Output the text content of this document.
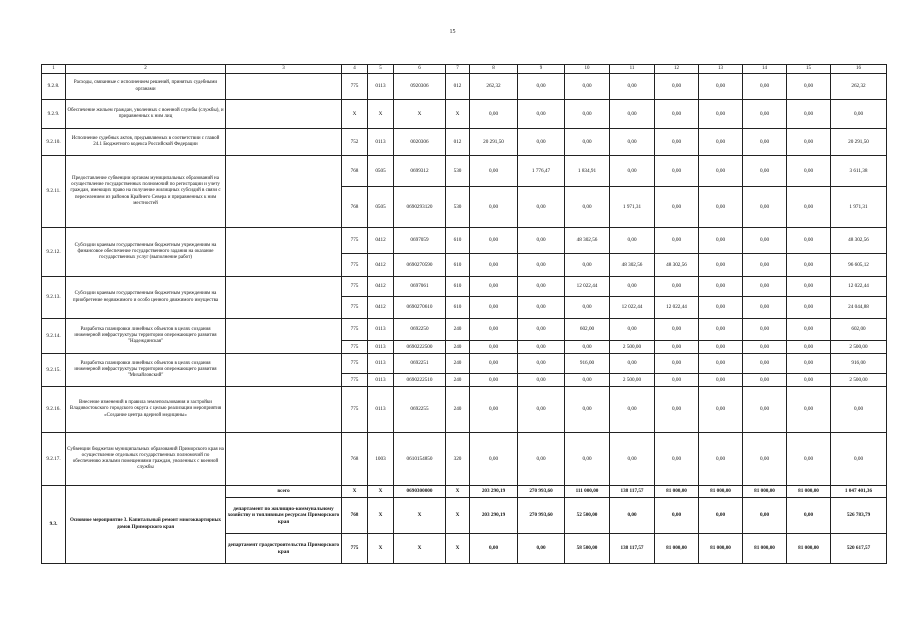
15
1	2	3	4	5	6	7	8	9	10	11	12	13	14	15	16
9.2.8.	Расходы, связанные с исполнением решений, принятых судебными органами		775	0113	0920306	012	262,32	0,00	0,00	0,00	0,00	0,00	0,00	0,00	262,32
9.2.9.	Обеспечение жильем граждан, уволенных с военной службы (службы), и приравненных к ним лиц		X	X	X	X	0,00	0,00	0,00	0,00	0,00	0,00	0,00	0,00	0,00
9.2.10.	Исполнение судебных актов, предъявляемых в соответствии с главой 24.1 Бюджетного кодекса Российской Федерации		752	0113	0020306	012	20 291,50	0,00	0,00	0,00	0,00	0,00	0,00	0,00	20 291,50
9.2.11.	Предоставление субвенции органам муниципальных образований на осуществление государственных полномочий по регистрации и учету граждан, имеющих право на получение жилищных субсидий в связи с переселением из районов Крайнего Севера и приравненных к ним местностей		768	0505	0699312	530	0,00	1 776,47	1 834,91	0,00	0,00	0,00	0,00	0,00	3 611,38
			768	0505	0690293120	530	0,00	0,00	0,00	1 971,31	0,00	0,00	0,00	0,00	1 971,31
9.2.12.	Субсидии краевым государственным бюджетным учреждениям на финансовое обеспечение государственного задания на оказание государственных услуг (выполнение работ)		775	0412	0697059	610	0,00	0,00	48 302,56	0,00	0,00	0,00	0,00	0,00	48 302,56
			775	0412	0690270590	610	0,00	0,00	0,00	48 302,56	48 302,56	0,00	0,00	0,00	96 605,12
9.2.13.	Субсидии краевым государственным бюджетным учреждениям на приобретение недвижимого и особо ценного движимого имущества		775	0412	0697061	610	0,00	0,00	12 022,44	0,00	0,00	0,00	0,00	0,00	12 022,44
			775	0412	0690270610	610	0,00	0,00	0,00	12 022,44	12 022,44	0,00	0,00	0,00	24 044,88
9.2.14.	Разработка планировки линейных объектов в целях создания инженерной инфраструктуры территории опережающего развития "Надеждинская"		775	0113	0692250	240	0,00	0,00	602,00	0,00	0,00	0,00	0,00	0,00	602,00
			775	0113	0690222500	240	0,00	0,00	0,00	2 500,00	0,00	0,00	0,00	0,00	2 500,00
9.2.15.	Разработка планировки линейных объектов в целях создания инженерной инфраструктуры территории опережающего развития "Михайловский"		775	0113	0692251	240	0,00	0,00	916,00	0,00	0,00	0,00	0,00	0,00	916,00
			775	0113	0690222510	240	0,00	0,00	0,00	2 500,00	0,00	0,00	0,00	0,00	2 500,00
9.2.16.	Внесение изменений в правила землепользования и застройки Владивостокского городского округа с целью реализации мероприятия «Создание центра ядерной медицины»		775	0113	0692255	240	0,00	0,00	0,00	0,00	0,00	0,00	0,00	0,00	0,00
9.2.17.	Субвенции бюджетам муниципальных образований Приморского края на осуществление отдельных государственных полномочий по обеспечению жилыми помещениями граждан, уволенных с военной службы		768	1003	0610154850	320	0,00	0,00	0,00	0,00	0,00	0,00	0,00	0,00	0,00
9.3.	Основное мероприятие 3. Капитальный ремонт многоквартирных домов Приморского края	всего	X	X	0690300000	X	203 290,19	270 993,60	111 000,00	138 117,57	81 000,00	81 000,00	81 000,00	81 000,00	1 047 401,36
		департамент по жилищно-коммунальному хозяйству и топливным ресурсам Приморского края	768	X	X	X	203 290,19	270 993,60	52 500,00	0,00	0,00	0,00	0,00	0,00	526 783,79
		департамент градостроительства Приморского края	775	X	X	X	0,00	0,00	58 500,00	138 117,57	81 000,00	81 000,00	81 000,00	81 000,00	520 617,57
